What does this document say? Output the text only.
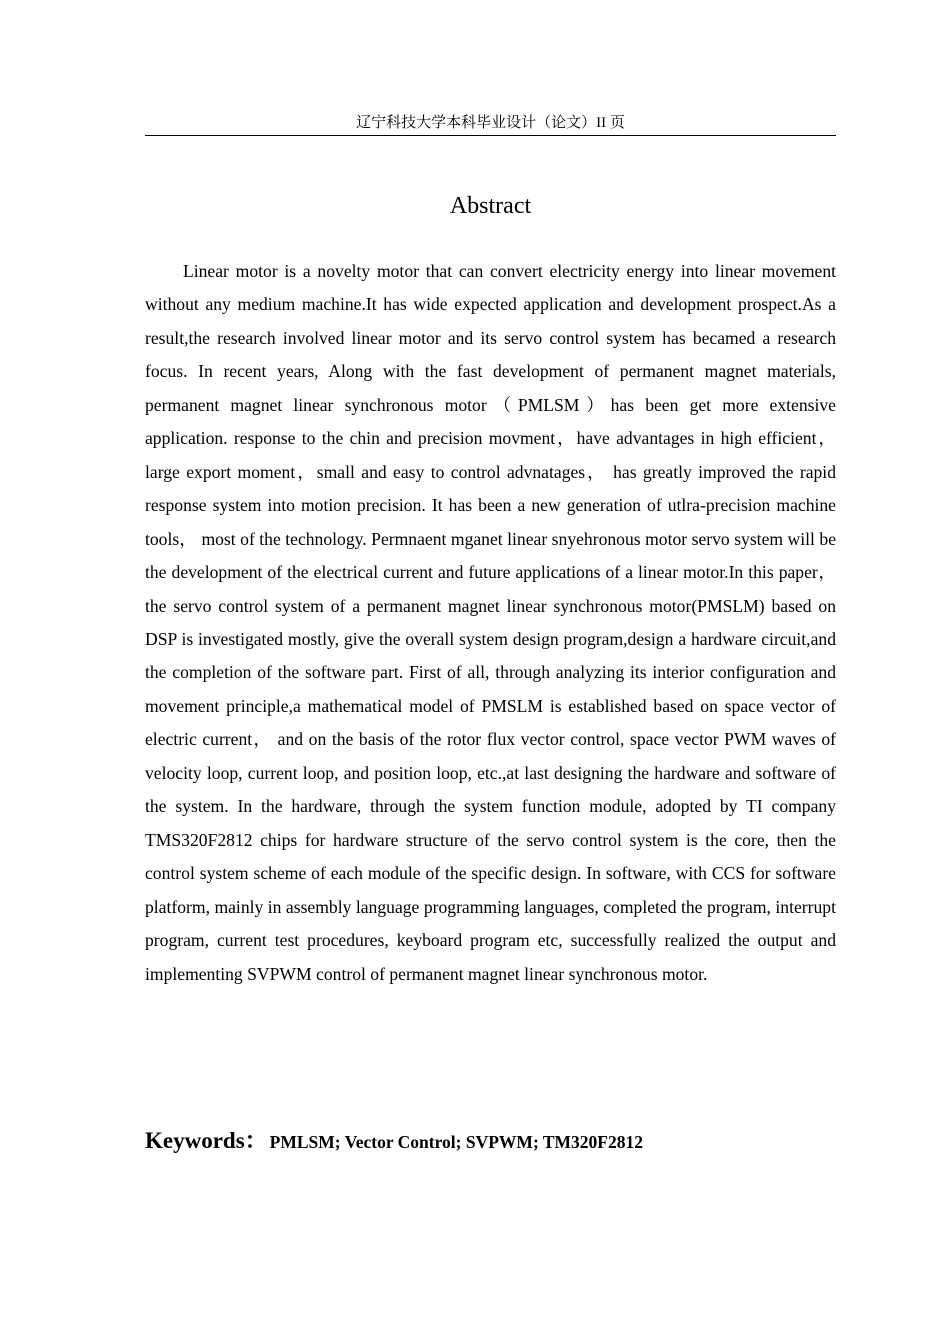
辽宁科技大学本科毕业设计（论文）II 页
Abstract

Linear motor is a novelty motor that can convert electricity energy into linear movement without any medium machine.It has wide expected application and development prospect.As a result,the research involved linear motor and its servo control system has becamed a research focus. In recent years, Along with the fast development of permanent magnet materials, permanent magnet linear synchronous motor（PMLSM）has been get more extensive application. response to the chin and precision movment，have advantages in high efficient，large export moment，small and easy to control advnatages， has greatly improved the rapid response system into motion precision. It has been a new generation of utlra-precision machine tools， most of the technology. Permnaent mganet linear snyehronous motor servo system will be the development of the electrical current and future applications of a linear motor.In this paper， the servo control system of a permanent magnet linear synchronous motor(PMSLM) based on DSP is investigated mostly, give the overall system design program,design a hardware circuit,and the completion of the software part. First of all, through analyzing its interior configuration and movement principle,a mathematical model of PMSLM is established based on space vector of electric current， and on the basis of the rotor flux vector control, space vector PWM waves of velocity loop, current loop, and position loop, etc.,at last designing the hardware and software of the system. In the hardware, through the system function module, adopted by TI company TMS320F2812 chips for hardware structure of the servo control system is the core, then the control system scheme of each module of the specific design. In software, with CCS for software platform, mainly in assembly language programming languages, completed the program, interrupt program, current test procedures, keyboard program etc, successfully realized the output and implementing SVPWM control of permanent magnet linear synchronous motor.

Keywords： PMLSM; Vector Control; SVPWM; TM320F2812
